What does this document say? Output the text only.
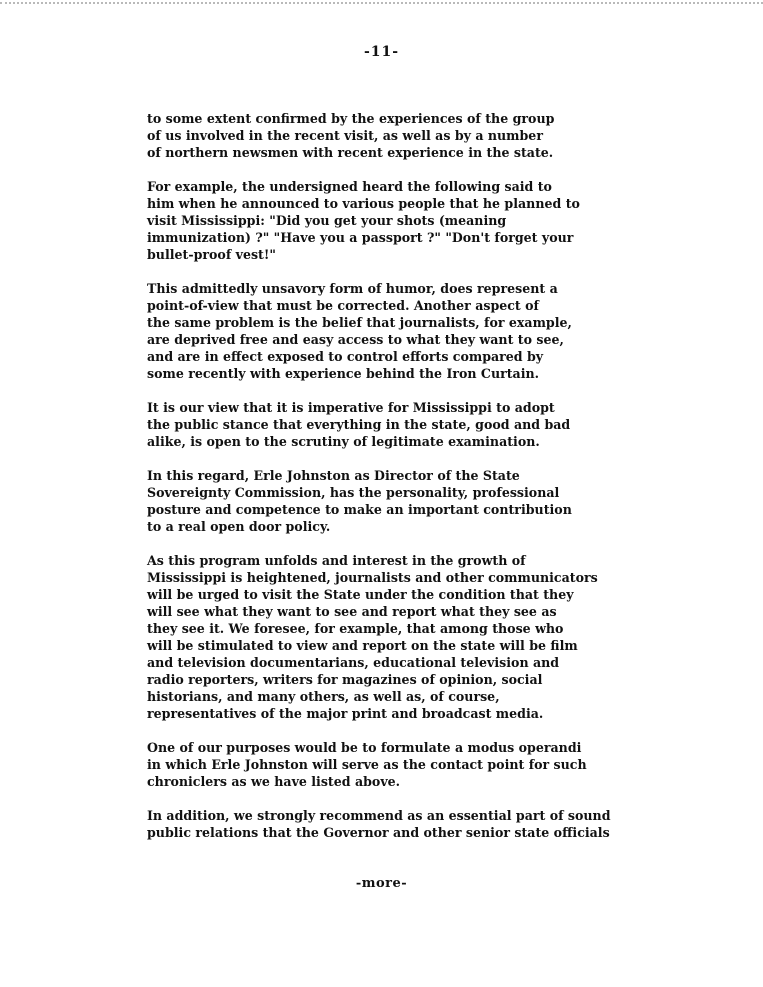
-11-

to some extent confirmed by the experiences of the group
of us involved in the recent visit, as well as by a number
of northern newsmen with recent experience in the state.

For example, the undersigned heard the following said to
him when he announced to various people that he planned to
visit Mississippi: "Did you get your shots (meaning
immunization) ?" "Have you a passport ?" "Don't forget your
bullet-proof vest!"

This admittedly unsavory form of humor, does represent a
point-of-view that must be corrected. Another aspect of
the same problem is the belief that journalists, for example,
are deprived free and easy access to what they want to see,
and are in effect exposed to control efforts compared by
some recently with experience behind the Iron Curtain.

It is our view that it is imperative for Mississippi to adopt
the public stance that everything in the state, good and bad
alike, is open to the scrutiny of legitimate examination.

In this regard, Erle Johnston as Director of the State
Sovereignty Commission, has the personality, professional
posture and competence to make an important contribution
to a real open door policy.

As this program unfolds and interest in the growth of
Mississippi is heightened, journalists and other communicators
will be urged to visit the State under the condition that they
will see what they want to see and report what they see as
they see it. We foresee, for example, that among those who
will be stimulated to view and report on the state will be film
and television documentarians, educational television and
radio reporters, writers for magazines of opinion, social
historians, and many others, as well as, of course,
representatives of the major print and broadcast media.

One of our purposes would be to formulate a modus operandi
in which Erle Johnston will serve as the contact point for such
chroniclers as we have listed above.

In addition, we strongly recommend as an essential part of sound
public relations that the Governor and other senior state officials

-more-
